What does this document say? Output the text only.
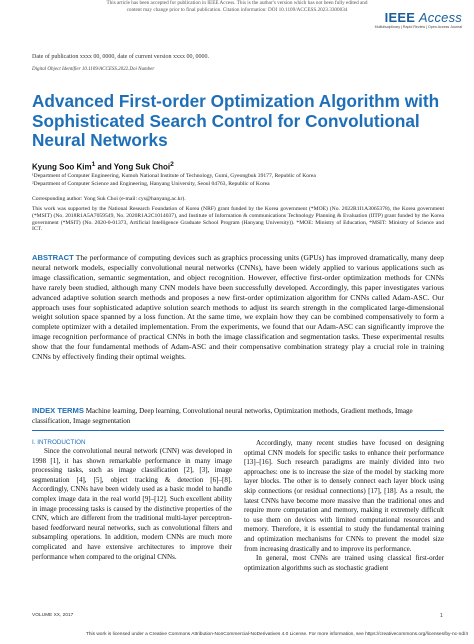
This article has been accepted for publication in IEEE Access. This is the author's version which has not been fully edited and
content may change prior to final publication. Citation information: DOI 10.1109/ACCESS.2023.3300034	IEEE Access
Multidisciplinary | Rapid Review | Open Access Journal
Date of publication xxxx 00, 0000, date of current version xxxx 00, 0000.
Digital Object Identifier 10.1109/ACCESS.2022.Doi Number
Advanced First-order Optimization Algorithm with Sophisticated Search Control for Convolutional Neural Networks
Kyung Soo Kim$^1$ and Yong Suk Choi$^2$
¹Department of Computer Engineering, Kumoh National Institute of Technology, Gumi, Gyeongbuk 39177, Republic of Korea
²Department of Computer Science and Engineering, Hanyang University, Seoul 04763, Republic of Korea
Corresponding author: Yong Suk Choi (e-mail: cys@hanyang.ac.kr).
This work was supported by the National Research Foundation of Korea (NRF) grant funded by the Korea government (*MOE) (No. 2022R1I1A3065378), the Korea government (*MSIT) (No. 2018R1A5A7059549, No. 2020R1A2C1014037), and Institute of Information & communications Technology Planning & Evaluation (IITP) grant funded by the Korea government (*MSIT) (No. 2020-0-01373, Artificial Intelligence Graduate School Program (Hanyang University)). *MOE: Ministry of Education, *MSIT: Ministry of Science and ICT.
ABSTRACT The performance of computing devices such as graphics processing units (GPUs) has improved dramatically, many deep neural network models, especially convolutional neural networks (CNNs), have been widely applied to various applications such as image classification, semantic segmentation, and object recognition. However, effective first-order optimization methods for CNNs have rarely been studied, although many CNN models have been successfully developed. Accordingly, this paper investigates various advanced adaptive solution search methods and proposes a new first-order optimization algorithm for CNNs called Adam-ASC. Our approach uses four sophisticated adaptive solution search methods to adjust its search strength in the complicated large-dimensional weight solution space spanned by a loss function. At the same time, we explain how they can be combined compensatively to form a complete optimizer with a detailed implementation. From the experiments, we found that our Adam-ASC can significantly improve the image recognition performance of practical CNNs in both the image classification and segmentation tasks. These experimental results show that the four fundamental methods of Adam-ASC and their compensative combination strategy play a crucial role in training CNNs by effectively finding their optimal weights.
INDEX TERMS Machine learning, Deep learning, Convolutional neural networks, Optimization methods, Gradient methods, Image classification, Image segmentation
I. INTRODUCTION

Since the convolutional neural network (CNN) was developed in 1998 [1], it has shown remarkable performance in many image processing tasks, such as image classification [2], [3], image segmentation [4], [5], object tracking & detection [6]–[8]. Accordingly, CNNs have been widely used as a basic model to handle complex image data in the real world [9]–[12]. Such excellent ability in image processing tasks is caused by the distinctive properties of the CNN, which are different from the traditional multi-layer perceptron-based feedforward neural networks, such as convolutional filters and subsampling operations. In addition, modern CNNs are much more complicated and have extensive architectures to improve their performance when compared to the original CNNs.

Accordingly, many recent studies have focused on designing optimal CNN models for specific tasks to enhance their performance [13]–[16]. Such research paradigms are mainly divided into two approaches: one is to increase the size of the model by stacking more layer blocks. The other is to densely connect each layer block using skip connections (or residual connections) [17], [18]. As a result, the latest CNNs have become more massive than the traditional ones and require more computation and memory, making it extremely difficult to use them on devices with limited computational resources and memory. Therefore, it is essential to study the fundamental training and optimization mechanisms for CNNs to prevent the model size from increasing drastically and to improve its performance.

In general, most CNNs are trained using classical first-order optimization algorithms such as stochastic gradient

VOLUME XX, 2017	1
This work is licensed under a Creative Commons Attribution-NonCommercial-NoDerivatives 4.0 License. For more information, see https://creativecommons.org/licenses/by-nc-nd/4
